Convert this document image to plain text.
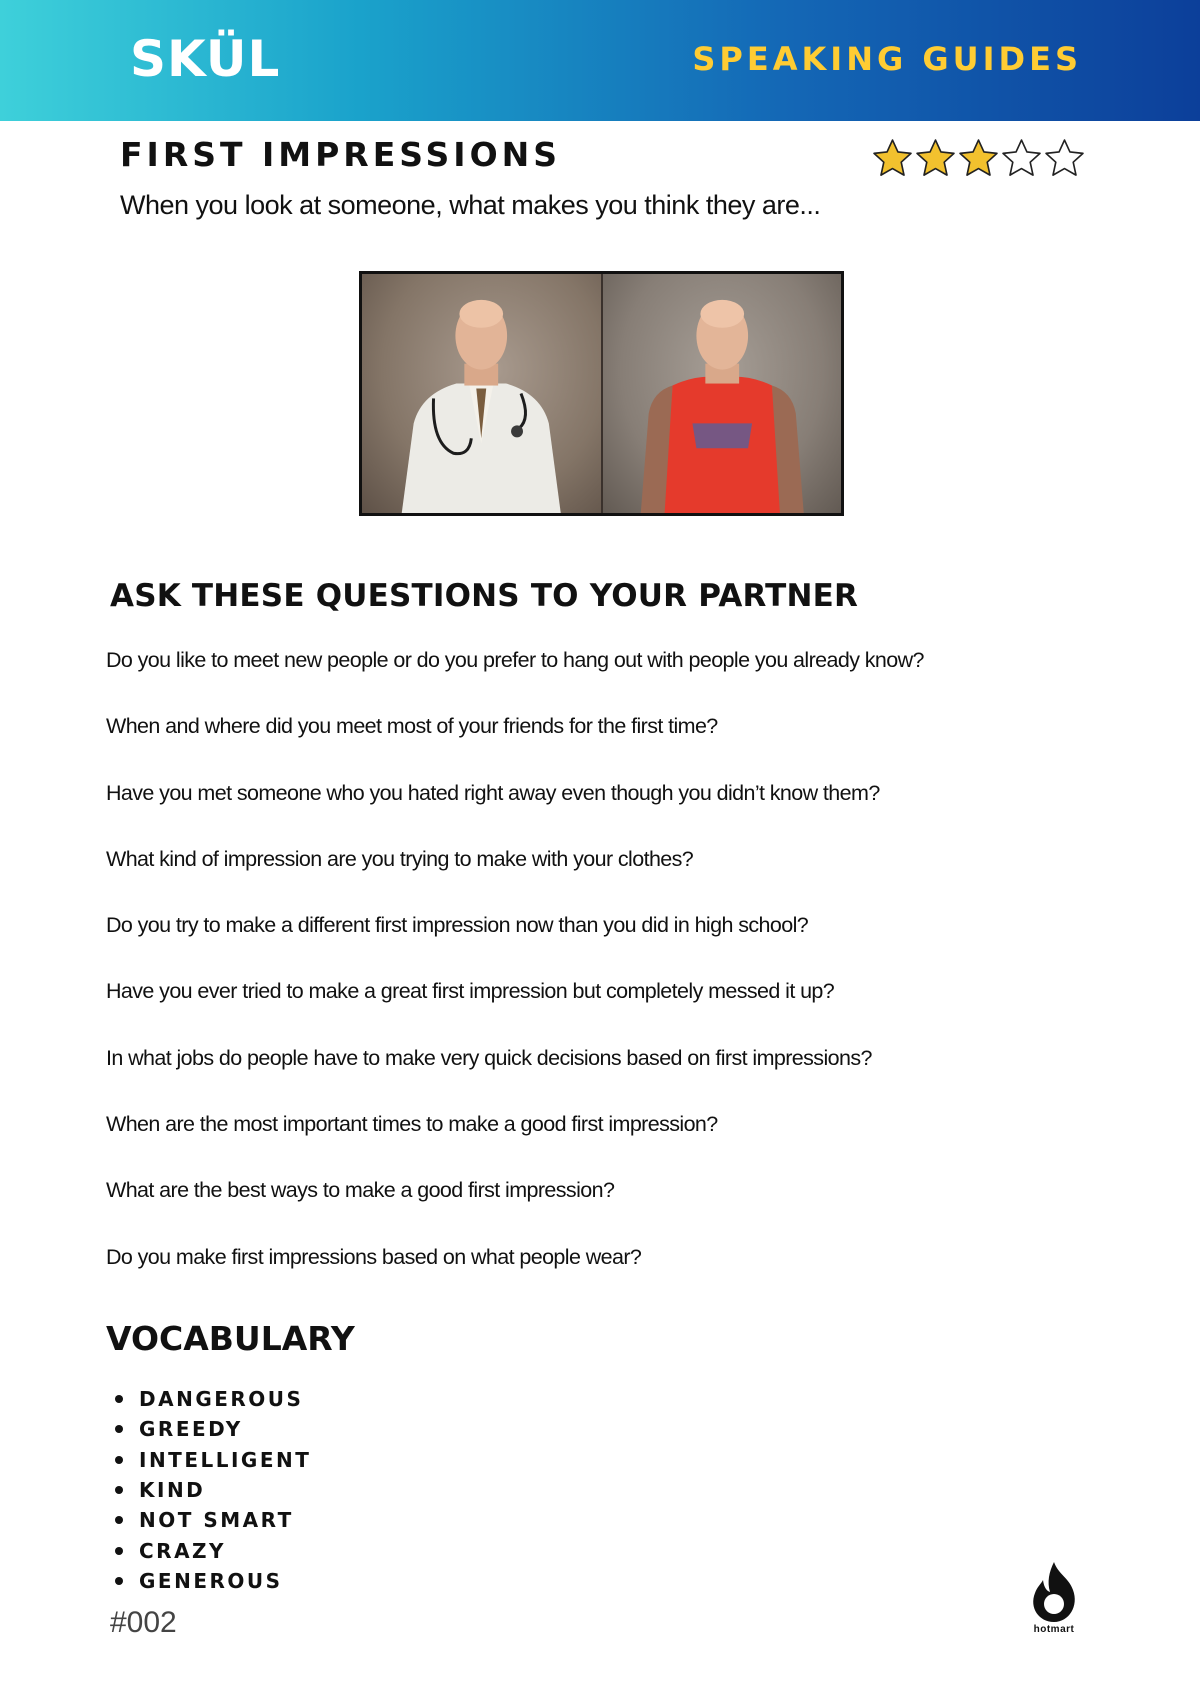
SKÜL	SPEAKING GUIDES
FIRST IMPRESSIONS
When you look at someone, what makes you think they are...
ASK THESE QUESTIONS TO YOUR PARTNER
Do you like to meet new people or do you prefer to hang out with people you already know?
When and where did you meet most of your friends for the first time?
Have you met someone who you hated right away even though you didn’t know them?
What kind of impression are you trying to make with your clothes?
Do you try to make a different first impression now than you did in high school?
Have you ever tried to make a great first impression but completely messed it up?
In what jobs do people have to make very quick decisions based on first impressions?
When are the most important times to make a good first impression?
What are the best ways to make a good first impression?
Do you make first impressions based on what people wear?
VOCABULARY
DANGEROUS
GREEDY
INTELLIGENT
KIND
NOT SMART
CRAZY
GENEROUS
#002	hotmart
